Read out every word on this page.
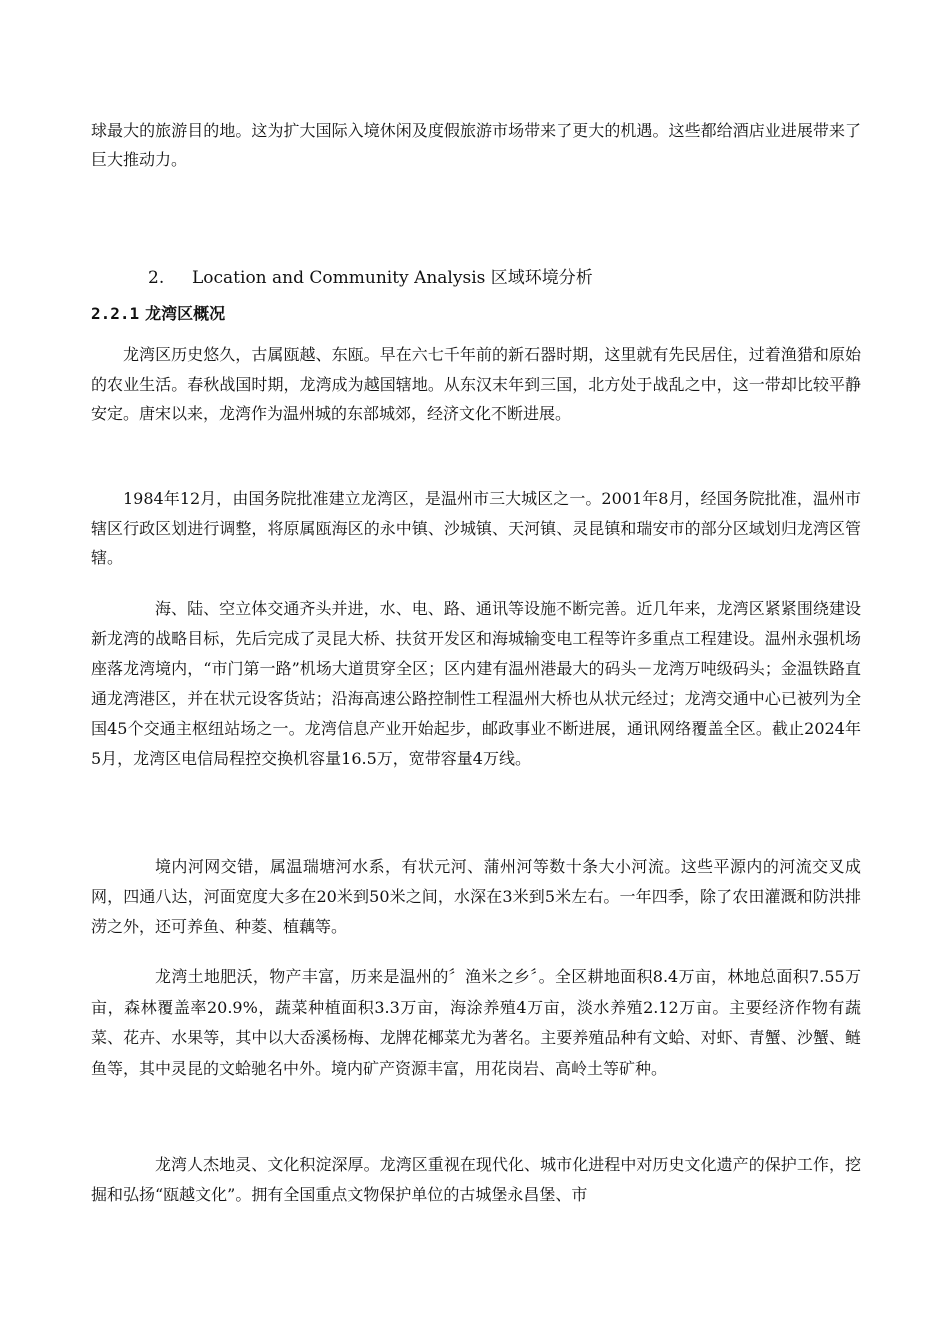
球最大的旅游目的地。这为扩大国际入境休闲及度假旅游市场带来了更大的机遇。这些都给酒店业进展带来了巨大推动力。
2. Location and Community Analysis 区域环境分析
2.2.1 龙湾区概况
龙湾区历史悠久，古属瓯越、东瓯。早在六七千年前的新石器时期，这里就有先民居住，过着渔猎和原始的农业生活。春秋战国时期，龙湾成为越国辖地。从东汉末年到三国，北方处于战乱之中，这一带却比较平静安定。唐宋以来，龙湾作为温州城的东部城郊，经济文化不断进展。
1984年12月，由国务院批准建立龙湾区，是温州市三大城区之一。2001年8月，经国务院批准，温州市辖区行政区划进行调整，将原属瓯海区的永中镇、沙城镇、天河镇、灵昆镇和瑞安市的部分区域划归龙湾区管辖。
海、陆、空立体交通齐头并进，水、电、路、通讯等设施不断完善。近几年来，龙湾区紧紧围绕建设新龙湾的战略目标，先后完成了灵昆大桥、扶贫开发区和海城输变电工程等许多重点工程建设。温州永强机场座落龙湾境内，“市门第一路”机场大道贯穿全区；区内建有温州港最大的码头－龙湾万吨级码头；金温铁路直通龙湾港区，并在状元设客货站；沿海高速公路控制性工程温州大桥也从状元经过；龙湾交通中心已被列为全国45个交通主枢纽站场之一。龙湾信息产业开始起步，邮政事业不断进展，通讯网络覆盖全区。截止2024年5月，龙湾区电信局程控交换机容量16.5万，宽带容量4万线。
境内河网交错，属温瑞塘河水系，有状元河、蒲州河等数十条大小河流。这些平源内的河流交叉成网，四通八达，河面宽度大多在20米到50米之间，水深在3米到5米左右。一年四季，除了农田灌溉和防洪排涝之外，还可养鱼、种菱、植藕等。
龙湾土地肥沃，物产丰富，历来是温州的〞渔米之乡〞。全区耕地面积8.4万亩，林地总面积7.55万亩，森林覆盖率20.9%，蔬菜种植面积3.3万亩，海涂养殖4万亩，淡水养殖2.12万亩。主要经济作物有蔬菜、花卉、水果等，其中以大岙溪杨梅、龙牌花椰菜尤为著名。主要养殖品种有文蛤、对虾、青蟹、沙蟹、鲢鱼等，其中灵昆的文蛤驰名中外。境内矿产资源丰富，用花岗岩、高岭土等矿种。
龙湾人杰地灵、文化积淀深厚。龙湾区重视在现代化、城市化进程中对历史文化遗产的保护工作，挖掘和弘扬“瓯越文化”。拥有全国重点文物保护单位的古城堡永昌堡、市
